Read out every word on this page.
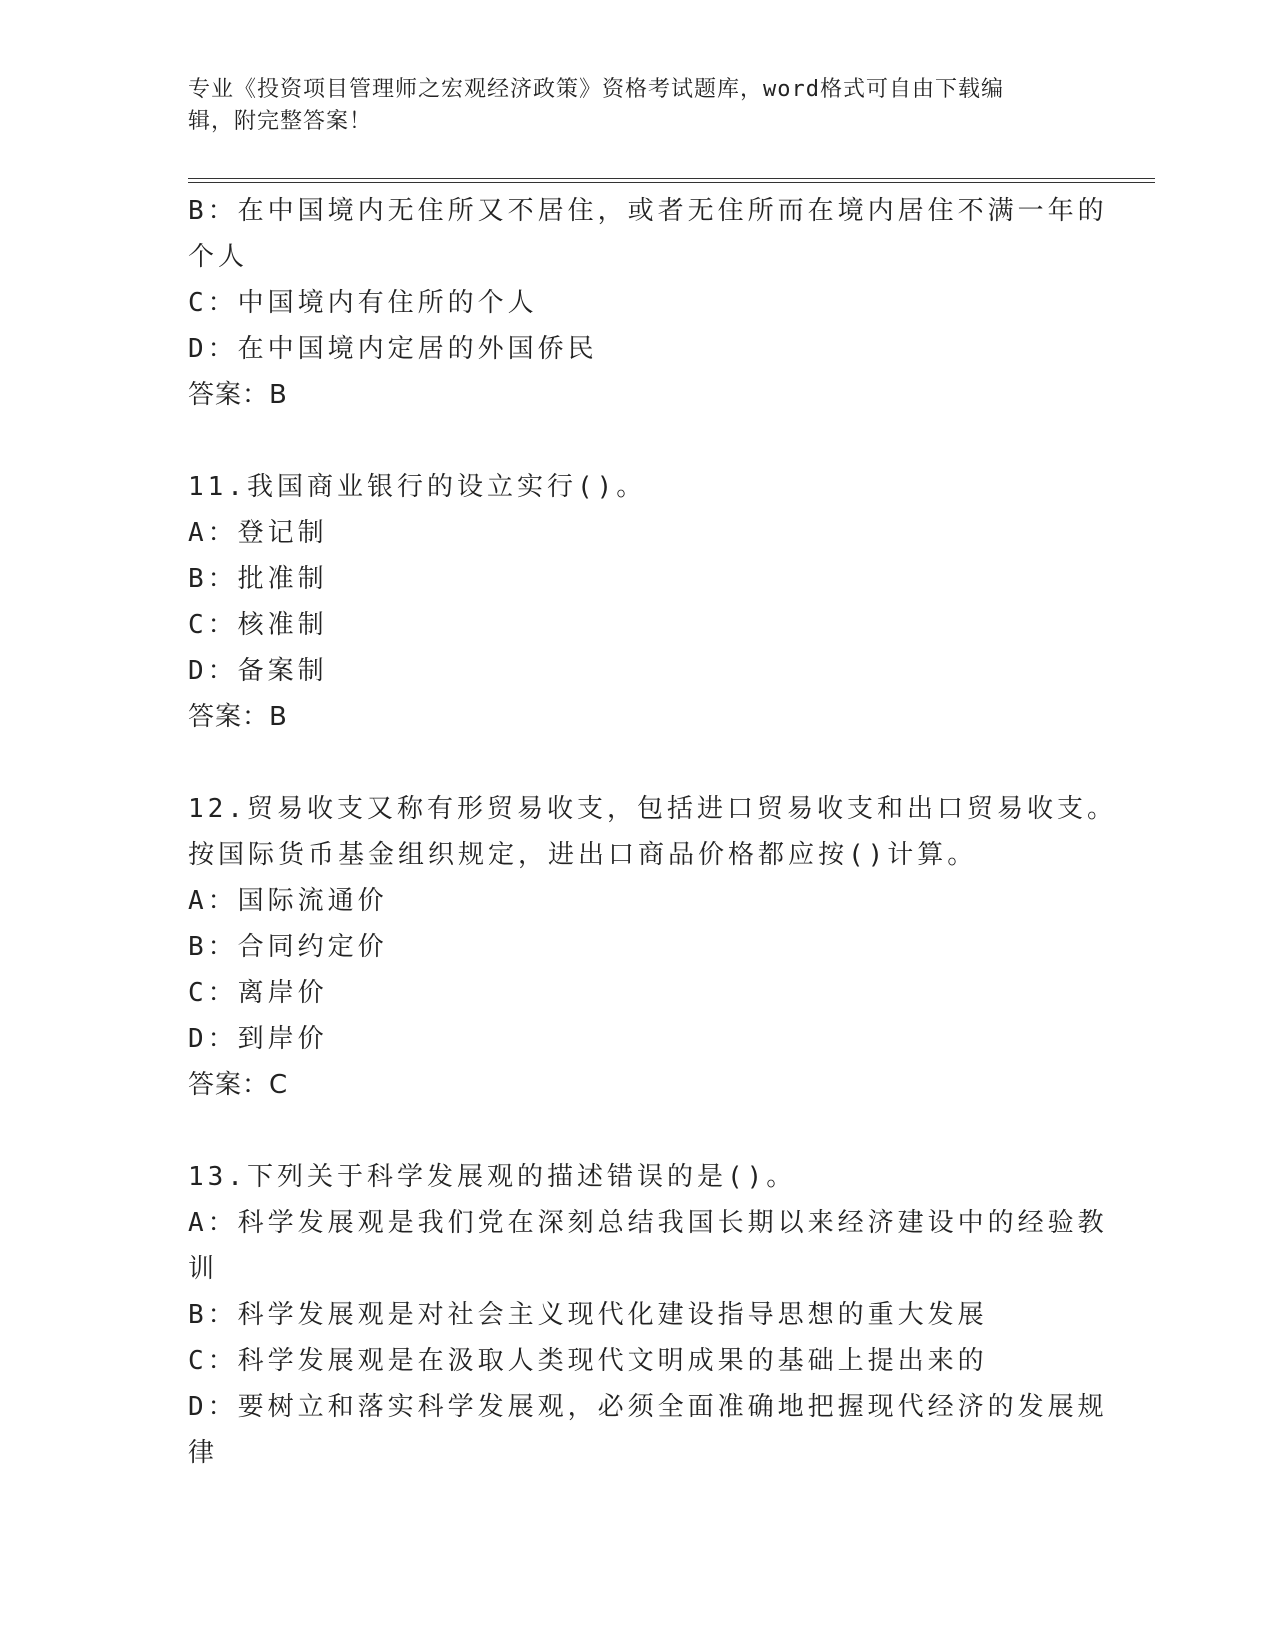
专业《投资项目管理师之宏观经济政策》资格考试题库，word格式可自由下载编
辑，附完整答案！
B：在中国境内无住所又不居住，或者无住所而在境内居住不满一年的
个人
C：中国境内有住所的个人
D：在中国境内定居的外国侨民
答案：B
11.我国商业银行的设立实行()。
A：登记制
B：批准制
C：核准制
D：备案制
答案：B
12.贸易收支又称有形贸易收支，包括进口贸易收支和出口贸易收支。
按国际货币基金组织规定，进出口商品价格都应按()计算。
A：国际流通价
B：合同约定价
C：离岸价
D：到岸价
答案：C
13.下列关于科学发展观的描述错误的是()。
A：科学发展观是我们党在深刻总结我国长期以来经济建设中的经验教
训
B：科学发展观是对社会主义现代化建设指导思想的重大发展
C：科学发展观是在汲取人类现代文明成果的基础上提出来的
D：要树立和落实科学发展观，必须全面准确地把握现代经济的发展规
律
